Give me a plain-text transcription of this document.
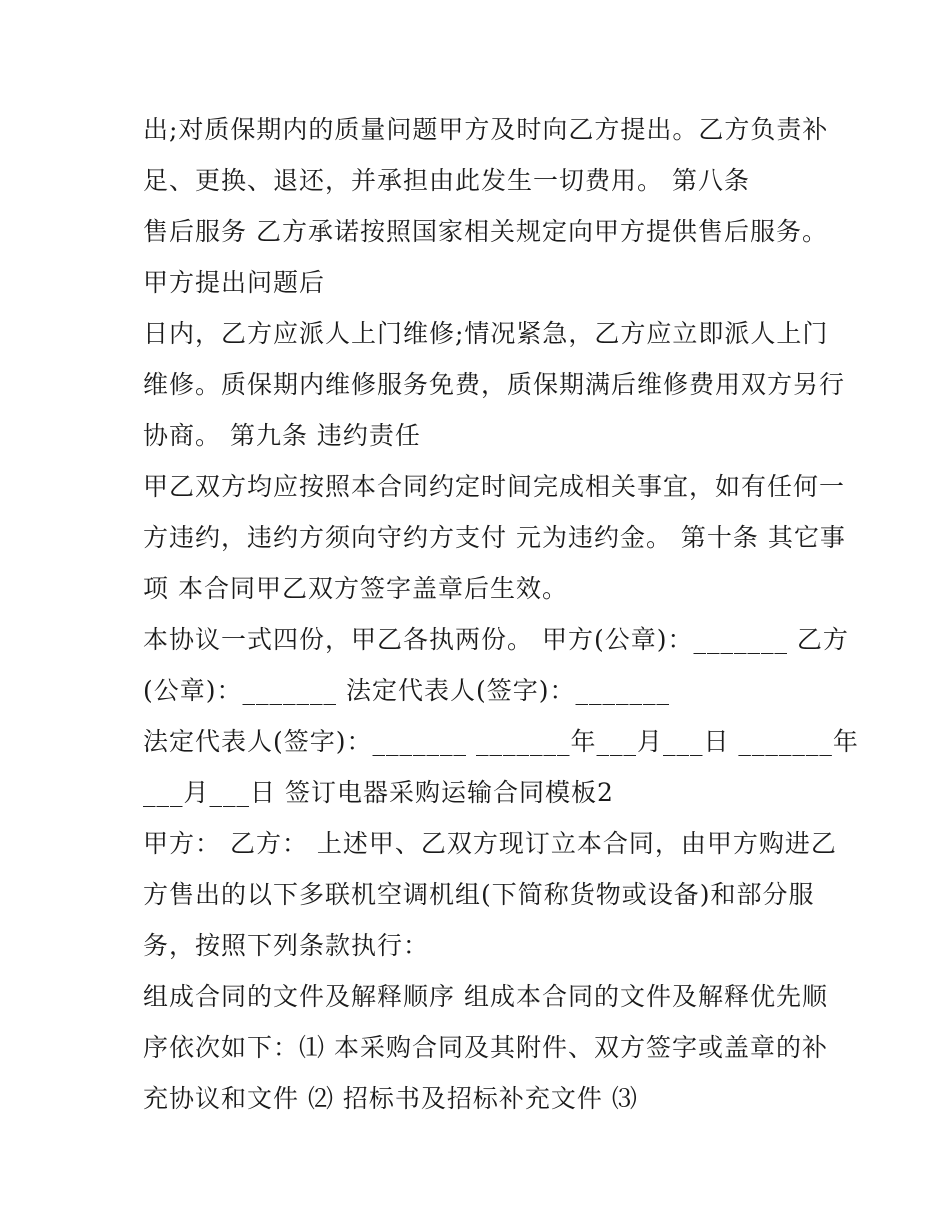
出;对质保期内的质量问题甲方及时向乙方提出。乙方负责补
足、更换、退还，并承担由此发生一切费用。 第八条
售后服务 乙方承诺按照国家相关规定向甲方提供售后服务。
甲方提出问题后
日内，乙方应派人上门维修;情况紧急，乙方应立即派人上门
维修。质保期内维修服务免费，质保期满后维修费用双方另行
协商。 第九条 违约责任
甲乙双方均应按照本合同约定时间完成相关事宜，如有任何一
方违约，违约方须向守约方支付 元为违约金。 第十条 其它事
项 本合同甲乙双方签字盖章后生效。
本协议一式四份，甲乙各执两份。 甲方(公章)：_______ 乙方
(公章)：_______ 法定代表人(签字)：_______
法定代表人(签字)：_______ _______年___月___日 _______年
___月___日 签订电器采购运输合同模板2
甲方： 乙方： 上述甲、乙双方现订立本合同，由甲方购进乙
方售出的以下多联机空调机组(下简称货物或设备)和部分服
务，按照下列条款执行：
组成合同的文件及解释顺序 组成本合同的文件及解释优先顺
序依次如下：⑴ 本采购合同及其附件、双方签字或盖章的补
充协议和文件 ⑵ 招标书及招标补充文件 ⑶
